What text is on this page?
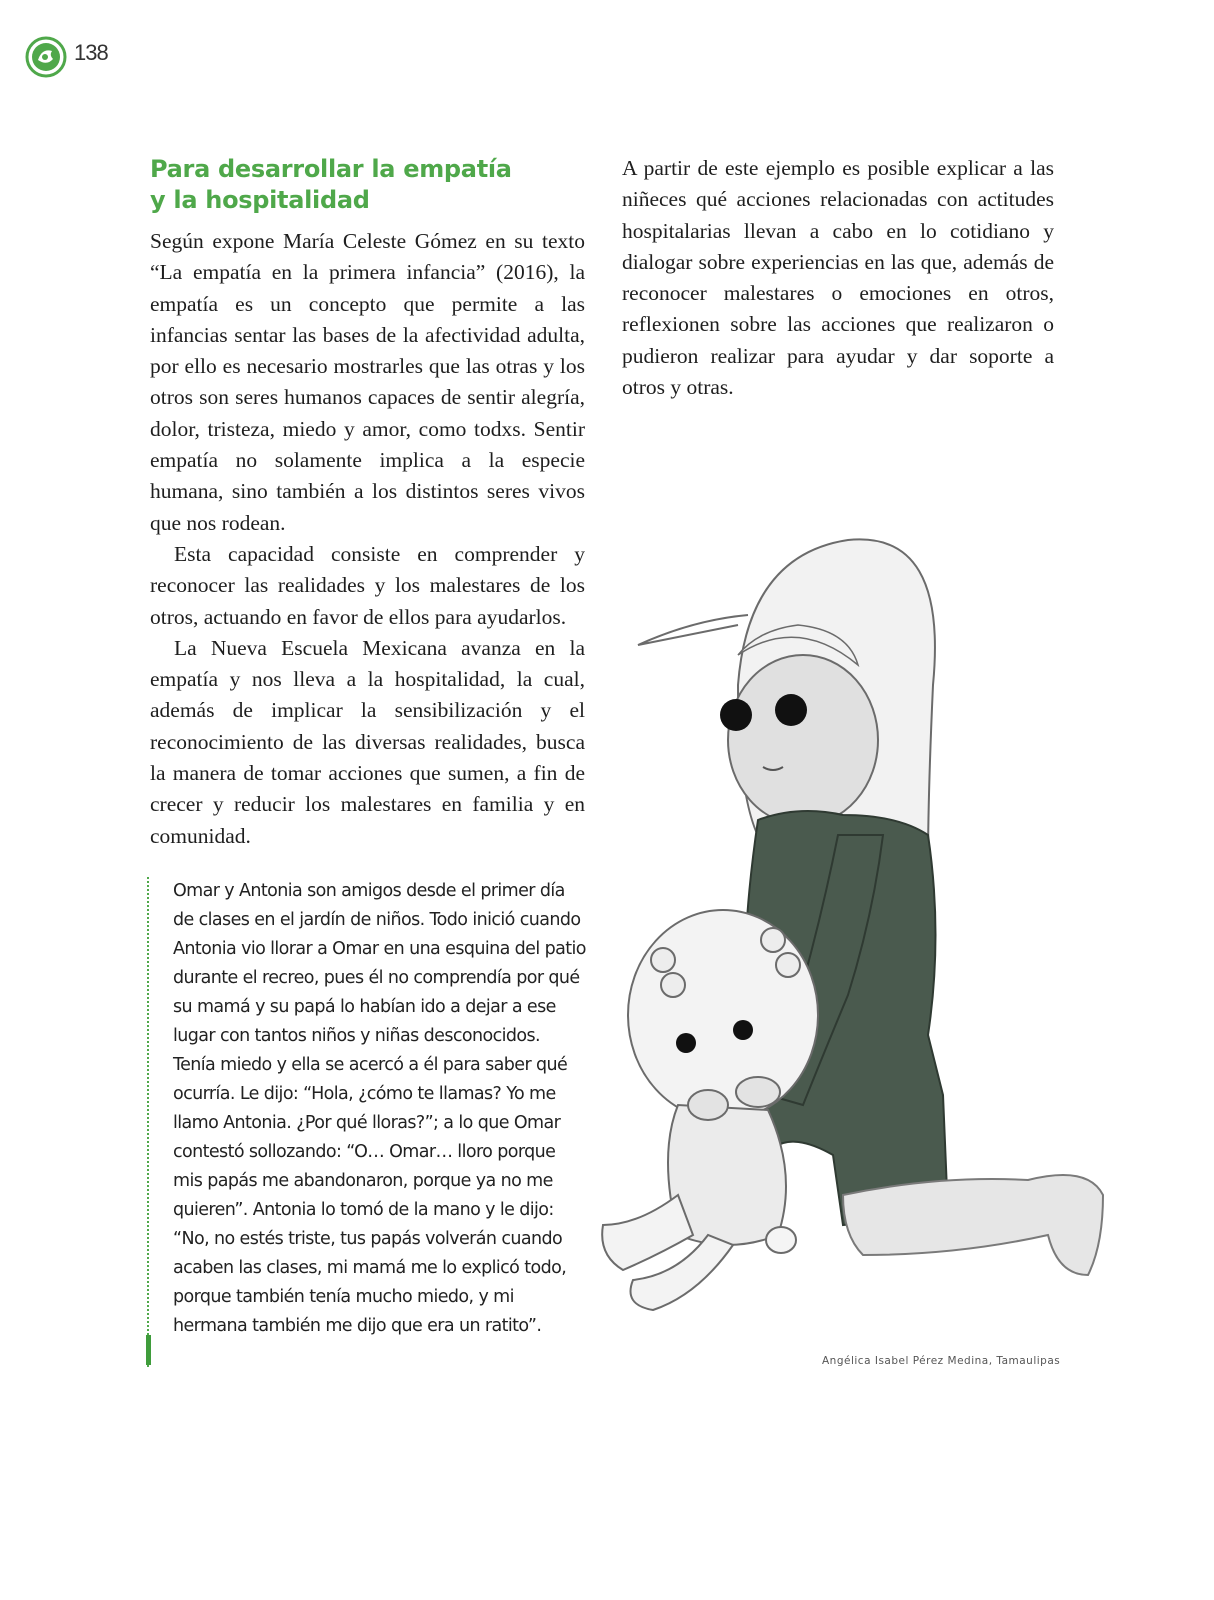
138
Para desarrollar la empatía
y la hospitalidad

Según expone María Celeste Gómez en su texto “La empatía en la primera infancia” (2016), la empatía es un concepto que permite a las infancias sentar las bases de la afectividad adulta, por ello es necesario mostrarles que las otras y los otros son seres humanos capaces de sentir alegría, dolor, tristeza, miedo y amor, como todxs. Sentir empatía no solamente implica a la especie humana, sino también a los distintos seres vivos que nos rodean.

Esta capacidad consiste en comprender y reconocer las realidades y los malestares de los otros, actuando en favor de ellos para ayudarlos.

La Nueva Escuela Mexicana avanza en la empatía y nos lleva a la hospitalidad, la cual, además de implicar la sensibilización y el reconocimiento de las diversas realidades, busca la manera de tomar acciones que sumen, a fin de crecer y reducir los malestares en familia y en comunidad.

A partir de este ejemplo es posible explicar a las niñeces qué acciones relacionadas con actitudes hospitalarias llevan a cabo en lo cotidiano y dialogar sobre experiencias en las que, además de reconocer malestares o emociones en otros, reflexionen sobre las acciones que realizaron o pudieron realizar para ayudar y dar soporte a otros y otras.

Omar y Antonia son amigos desde el primer día de clases en el jardín de niños. Todo inició cuando Antonia vio llorar a Omar en una esquina del patio durante el recreo, pues él no comprendía por qué su mamá y su papá lo habían ido a dejar a ese lugar con tantos niños y niñas desconocidos. Tenía miedo y ella se acercó a él para saber qué ocurría. Le dijo: “Hola, ¿cómo te llamas? Yo me llamo Antonia. ¿Por qué lloras?”; a lo que Omar contestó sollozando: “O… Omar… lloro porque mis papás me abandonaron, porque ya no me quieren”. Antonia lo tomó de la mano y le dijo: “No, no estés triste, tus papás volverán cuando acaben las clases, mi mamá me lo explicó todo, porque también tenía mucho miedo, y mi hermana también me dijo que era un ratito”.

Angélica Isabel Pérez Medina, Tamaulipas
